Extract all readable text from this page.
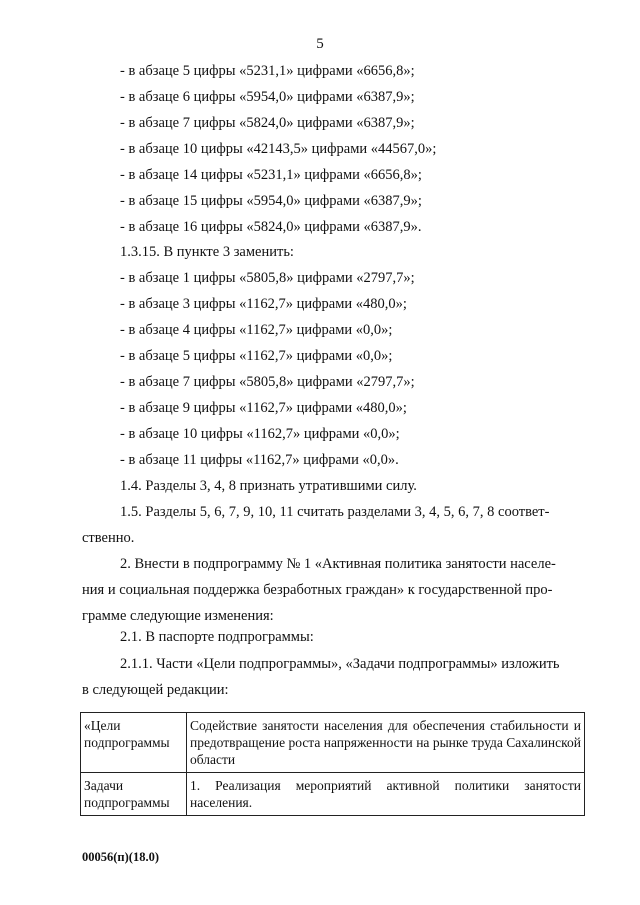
5
- в абзаце 5 цифры «5231,1» цифрами «6656,8»;
- в абзаце 6 цифры «5954,0» цифрами «6387,9»;
- в абзаце 7 цифры «5824,0» цифрами «6387,9»;
- в абзаце 10 цифры «42143,5» цифрами «44567,0»;
- в абзаце 14 цифры «5231,1» цифрами «6656,8»;
- в абзаце 15 цифры «5954,0» цифрами «6387,9»;
- в абзаце 16 цифры «5824,0» цифрами «6387,9».
1.3.15. В пункте 3 заменить:
- в абзаце 1 цифры «5805,8» цифрами «2797,7»;
- в абзаце 3 цифры «1162,7» цифрами «480,0»;
- в абзаце 4 цифры «1162,7» цифрами «0,0»;
- в абзаце 5 цифры «1162,7» цифрами «0,0»;
- в абзаце 7 цифры «5805,8» цифрами «2797,7»;
- в абзаце 9 цифры «1162,7» цифрами «480,0»;
- в абзаце 10 цифры «1162,7» цифрами «0,0»;
- в абзаце 11 цифры «1162,7» цифрами «0,0».
1.4. Разделы 3, 4, 8 признать утратившими силу.
1.5. Разделы 5, 6, 7, 9, 10, 11 считать разделами 3, 4, 5, 6, 7, 8 соответ-
ственно.
2. Внести в подпрограмму № 1 «Активная политика занятости населе-
ния и социальная поддержка безработных граждан» к государственной про-
грамме следующие изменения:
2.1. В паспорте подпрограммы:
2.1.1. Части «Цели подпрограммы», «Задачи подпрограммы» изложить
в следующей редакции:
«Цели подпрограммы	Содействие занятости населения для обеспечения стабильности и предотвращение роста напряженности на рынке труда Сахалинской области
Задачи подпрограммы	1. Реализация мероприятий активной политики занятости населения.
00056(п)(18.0)
